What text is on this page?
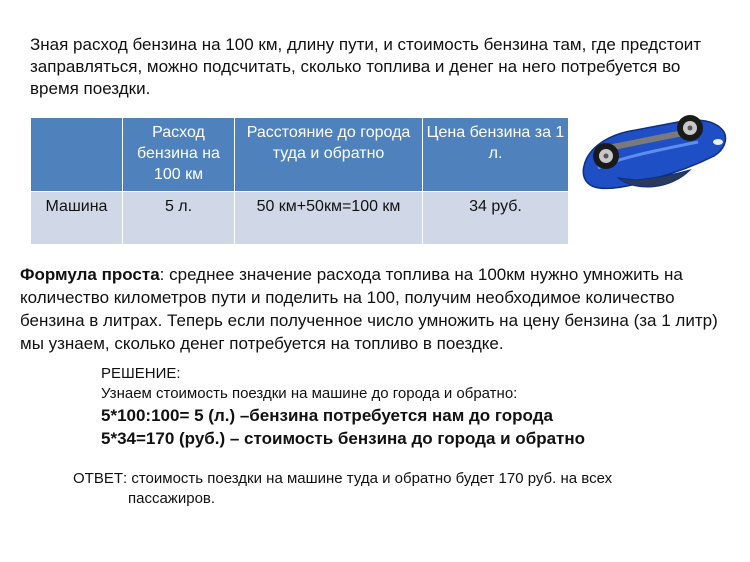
Зная расход бензина на 100 км, длину пути, и стоимость бензина там, где предстоит заправляться, можно подсчитать, сколько топлива и денег на него потребуется во время поездки.
	Расход бензина на 100 км	Расстояние до города туда и обратно	Цена бензина за 1 л.
Машина	5 л.	50 км+50км=100 км	34 руб.
Формула проста: среднее значение расхода топлива на 100км нужно умножить на количество километров пути и поделить на 100, получим необходимое количество бензина в литрах. Теперь если полученное число умножить на цену бензина (за 1 литр) мы узнаем, сколько денег потребуется на топливо в поездке.
РЕШЕНИЕ:
Узнаем стоимость поездки на машине до города и обратно:
5*100:100= 5 (л.) –бензина потребуется нам до города
5*34=170 (руб.) – стоимость бензина до города и обратно
ОТВЕТ: стоимость поездки на машине туда и обратно будет 170 руб. на всех
пассажиров.
